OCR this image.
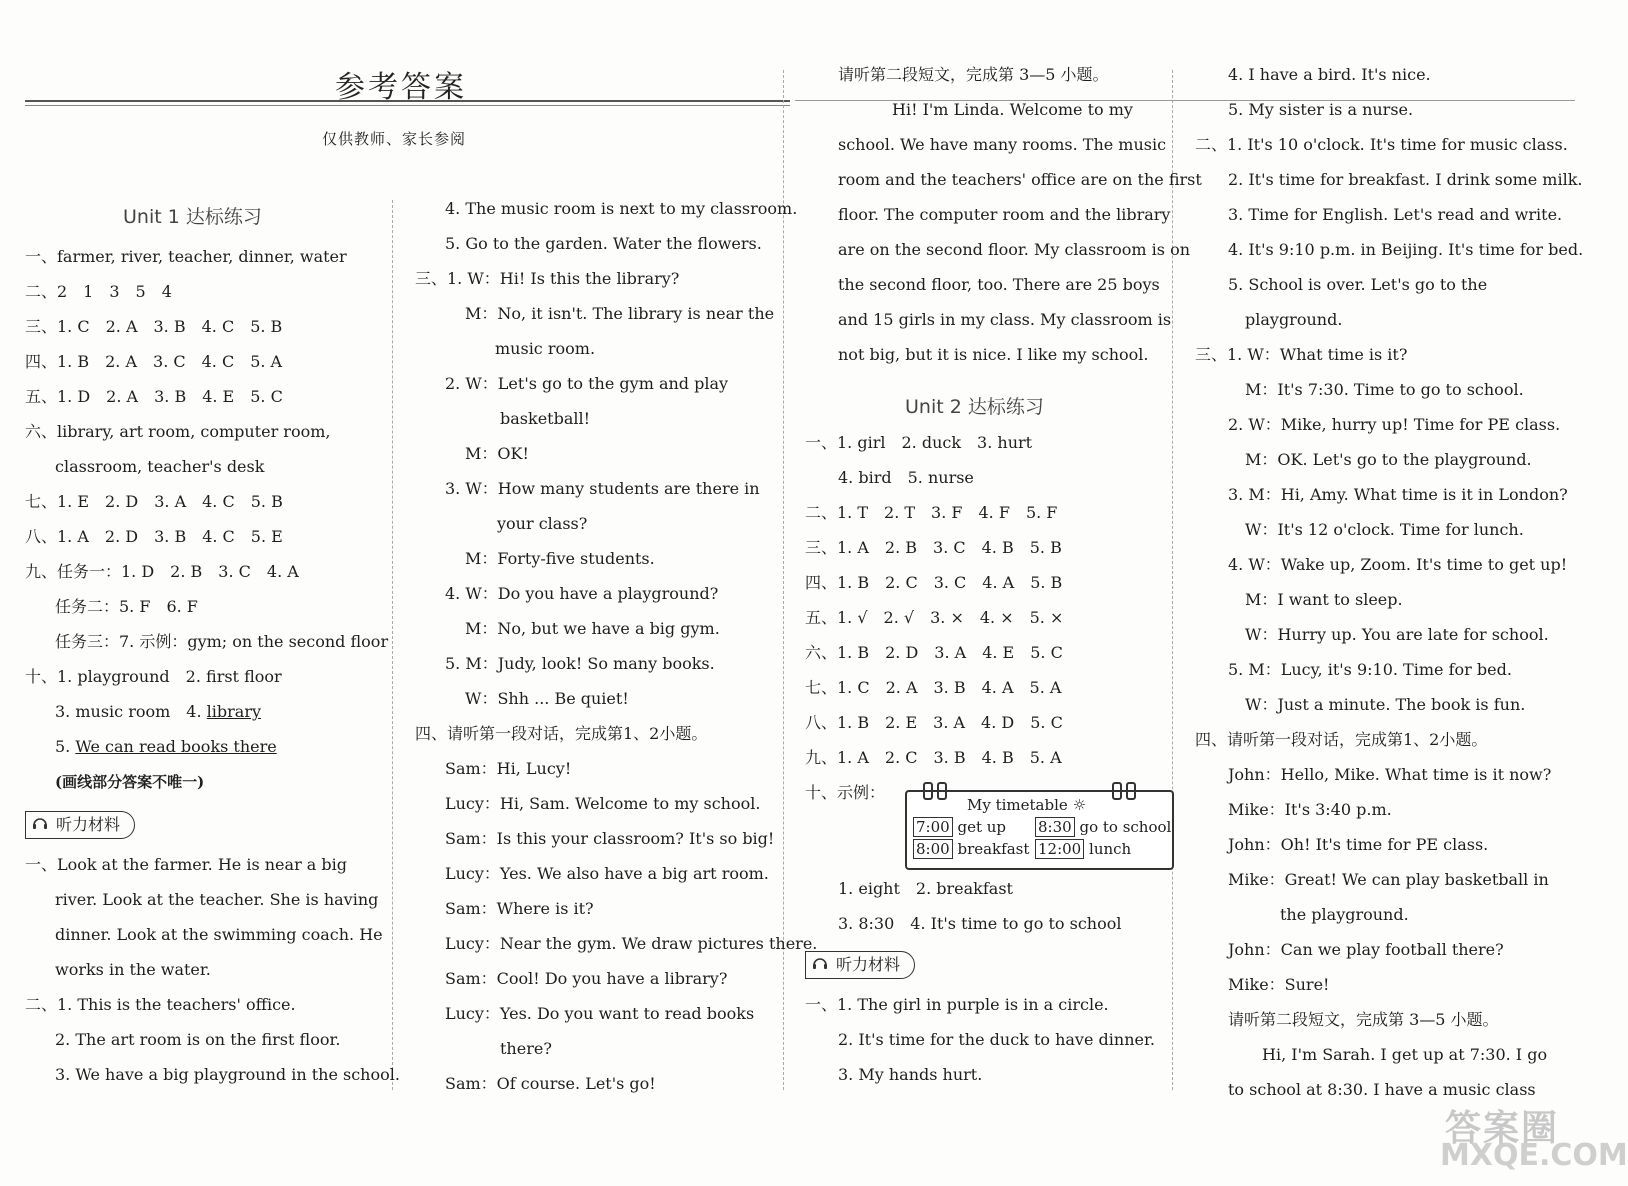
参考答案
仅供教师、家长参阅
Unit 1 达标练习
一、farmer, river, teacher, dinner, water
二、2　1　3　5　4
三、1. C　2. A　3. B　4. C　5. B
四、1. B　2. A　3. C　4. C　5. A
五、1. D　2. A　3. B　4. E　5. C
六、library, art room, computer room,
classroom, teacher's desk
七、1. E　2. D　3. A　4. C　5. B
八、1. A　2. D　3. B　4. C　5. E
九、任务一：1. D　2. B　3. C　4. A
任务二：5. F　6. F
任务三：7. 示例：gym; on the second floor
十、1. playground　2. first floor
3. music room　4. library
5. We can read books there
(画线部分答案不唯一)
听力材料
一、Look at the farmer. He is near a big
river. Look at the teacher. She is having
dinner. Look at the swimming coach. He
works in the water.
二、1. This is the teachers' office.
2. The art room is on the first floor.
3. We have a big playground in the school.
4. The music room is next to my classroom.
5. Go to the garden. Water the flowers.
三、1. W：Hi! Is this the library?
M：No, it isn't. The library is near the
music room.
2. W：Let's go to the gym and play
basketball!
M：OK!
3. W：How many students are there in
your class?
M：Forty-five students.
4. W：Do you have a playground?
M：No, but we have a big gym.
5. M：Judy, look! So many books.
W：Shh ... Be quiet!
四、请听第一段对话，完成第1、2小题。
Sam：Hi, Lucy!
Lucy：Hi, Sam. Welcome to my school.
Sam：Is this your classroom? It's so big!
Lucy：Yes. We also have a big art room.
Sam：Where is it?
Lucy：Near the gym. We draw pictures there.
Sam：Cool! Do you have a library?
Lucy：Yes. Do you want to read books
there?
Sam：Of course. Let's go!
请听第二段短文，完成第 3—5 小题。
Hi! I'm Linda. Welcome to my
school. We have many rooms. The music
room and the teachers' office are on the first
floor. The computer room and the library
are on the second floor. My classroom is on
the second floor, too. There are 25 boys
and 15 girls in my class. My classroom is
not big, but it is nice. I like my school.
Unit 2 达标练习
一、1. girl　2. duck　3. hurt
4. bird　5. nurse
二、1. T　2. T　3. F　4. F　5. F
三、1. A　2. B　3. C　4. B　5. B
四、1. B　2. C　3. C　4. A　5. B
五、1. √　2. √　3. ×　4. ×　5. ×
六、1. B　2. D　3. A　4. E　5. C
七、1. C　2. A　3. B　4. A　5. A
八、1. B　2. E　3. A　4. D　5. C
九、1. A　2. C　3. B　4. B　5. A
十、示例：
My timetable ☼
7:00 get up 8:30 go to school
8:00 breakfast 12:00 lunch
1. eight　2. breakfast
3. 8:30　4. It's time to go to school
听力材料
一、1. The girl in purple is in a circle.
2. It's time for the duck to have dinner.
3. My hands hurt.
4. I have a bird. It's nice.
5. My sister is a nurse.
二、1. It's 10 o'clock. It's time for music class.
2. It's time for breakfast. I drink some milk.
3. Time for English. Let's read and write.
4. It's 9:10 p.m. in Beijing. It's time for bed.
5. School is over. Let's go to the
playground.
三、1. W：What time is it?
M：It's 7:30. Time to go to school.
2. W：Mike, hurry up! Time for PE class.
M：OK. Let's go to the playground.
3. M：Hi, Amy. What time is it in London?
W：It's 12 o'clock. Time for lunch.
4. W：Wake up, Zoom. It's time to get up!
M：I want to sleep.
W：Hurry up. You are late for school.
5. M：Lucy, it's 9:10. Time for bed.
W：Just a minute. The book is fun.
四、请听第一段对话，完成第1、2小题。
John：Hello, Mike. What time is it now?
Mike：It's 3:40 p.m.
John：Oh! It's time for PE class.
Mike：Great! We can play basketball in
the playground.
John：Can we play football there?
Mike：Sure!
请听第二段短文，完成第 3—5 小题。
Hi, I'm Sarah. I get up at 7:30. I go
to school at 8:30. I have a music class
答案圈
MXQE.COM
